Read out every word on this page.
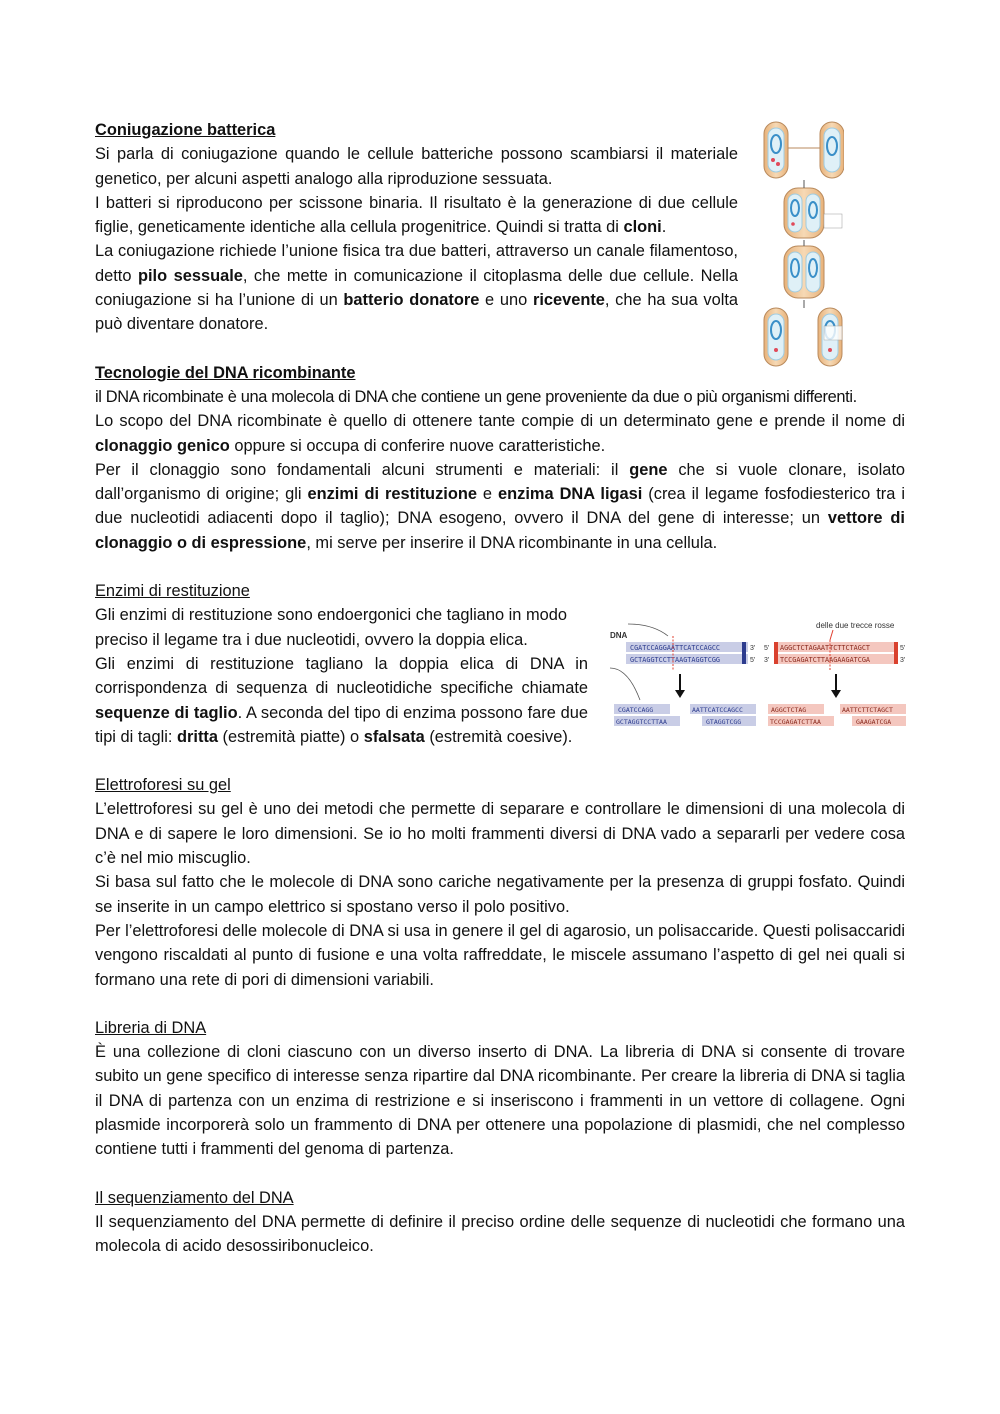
Coniugazione batterica

Si parla di coniugazione quando le cellule batteriche possono scambiarsi il materiale genetico, per alcuni aspetti analogo alla riproduzione sessuata.

I batteri si riproducono per scissone binaria. Il risultato è la generazione di due cellule figlie, geneticamente identiche alla cellula progenitrice. Quindi si tratta di cloni.

La coniugazione richiede l’unione fisica tra due batteri, attraverso un canale filamentoso, detto pilo sessuale, che mette in comunicazione il citoplasma delle due cellule. Nella coniugazione si ha l’unione di un batterio donatore e uno ricevente, che ha sua volta può diventare donatore.

Tecnologie del DNA ricombinante

il DNA ricombinate è una molecola di DNA che contiene un gene proveniente da due o più organismi differenti.

Lo scopo del DNA ricombinate è quello di ottenere tante compie di un determinato gene e prende il nome di clonaggio genico oppure si occupa di conferire nuove caratteristiche.

Per il clonaggio sono fondamentali alcuni strumenti e materiali: il gene che si vuole clonare, isolato dall’organismo di origine; gli enzimi di restituzione e enzima DNA ligasi (crea il legame fosfodiesterico tra i due nucleotidi adiacenti dopo il taglio); DNA esogeno, ovvero il DNA del gene di interesse; un vettore di clonaggio o di espressione, mi serve per inserire il DNA ricombinante in una cellula.

Enzimi di restituzione

Gli enzimi di restituzione sono endoergonici che tagliano in modo preciso il legame tra i due nucleotidi, ovvero la doppia elica.

Gli enzimi di restituzione tagliano la doppia elica di DNA in corrispondenza di sequenza di nucleotidiche specifiche chiamate sequenze di taglio. A seconda del tipo di enzima possono fare due tipi di tagli: dritta (estremità piatte) o sfalsata (estremità coesive).

Elettroforesi su gel

L’elettroforesi su gel è uno dei metodi che permette di separare e controllare le dimensioni di una molecola di DNA e di sapere le loro dimensioni. Se io ho molti frammenti diversi di DNA vado a separarli per vedere cosa c’è nel mio miscuglio.

Si basa sul fatto che le molecole di DNA sono cariche negativamente per la presenza di gruppi fosfato. Quindi se inserite in un campo elettrico si spostano verso il polo positivo.

Per l’elettroforesi delle molecole di DNA si usa in genere il gel di agarosio, un polisaccaride. Questi polisaccaridi vengono riscaldati al punto di fusione e una volta raffreddate, le miscele assumano l’aspetto di gel nei quali si formano una rete di pori di dimensioni variabili.

Libreria di DNA

È una collezione di cloni ciascuno con un diverso inserto di DNA. La libreria di DNA si consente di trovare subito un gene specifico di interesse senza ripartire dal DNA ricombinante. Per creare la libreria di DNA si taglia il DNA di partenza con un enzima di restrizione e si inseriscono i frammenti in un vettore di collagene. Ogni plasmide incorporerà solo un frammento di DNA per ottenere una popolazione di plasmidi, che nel complesso contiene tutti i frammenti del genoma di partenza.

Il sequenziamento del DNA

Il sequenziamento del DNA permette di definire il preciso ordine delle sequenze di nucleotidi che formano una molecola di acido desossiribonucleico.

DNA
delle due trecce rosse
CGATCCAGGAATTCATCCAGCC
GCTAGGTCCTTAAGTAGGTCGG
3'
5'
5'
3'
AGGCTCTAGAATTCTTCTAGCT
TCCGAGATCTTAAGAAGATCGA
5'
3'
CGATCCAGG
GCTAGGTCCTTAA
AATTCATCCAGCC
GTAGGTCGG
AGGCTCTAG
TCCGAGATCTTAA
AATTCTTCTAGCT
GAAGATCGA
